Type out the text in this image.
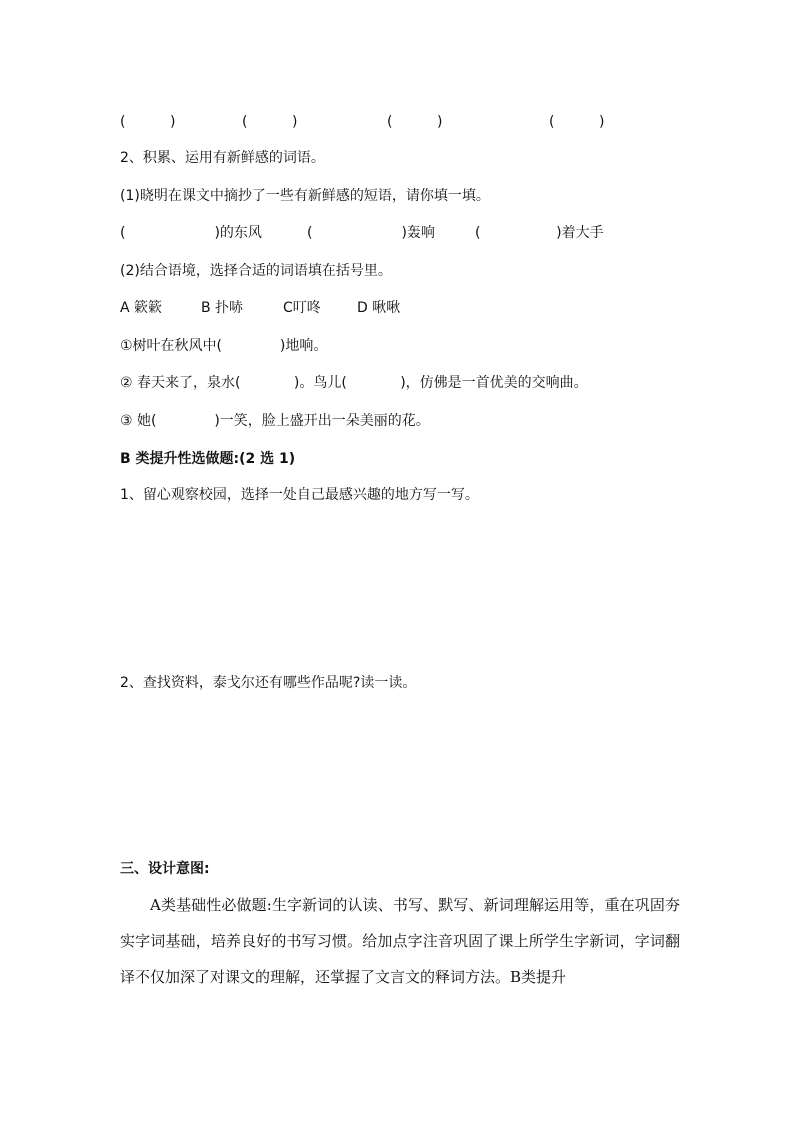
(          )	(          )	(          )	(          )
2、积累、运用有新鲜感的词语。
(1)晓明在课文中摘抄了一些有新鲜感的短语，请你填一填。
(                    )的东风	(                    )轰响	(                 )着大手
(2)结合语境，选择合适的词语填在括号里。
A 簌簌	B 扑哧	C叮咚	D 啾啾
①树叶在秋风中(             )地响。
② 春天来了，泉水(            )。鸟儿(            )，仿佛是一首优美的交响曲。
③ 她(             )一笑，脸上盛开出一朵美丽的花。
B 类提升性选做题:(2 选 1)
1、留心观察校园，选择一处自己最感兴趣的地方写一写。
2、查找资料，泰戈尔还有哪些作品呢?读一读。
三、设计意图:
A类基础性必做题:生字新词的认读、书写、默写、新词理解运用等，重在巩固夯实字词基础，培养良好的书写习惯。给加点字注音巩固了课上所学生字新词，字词翻译不仅加深了对课文的理解，还掌握了文言文的释词方法。B类提升
